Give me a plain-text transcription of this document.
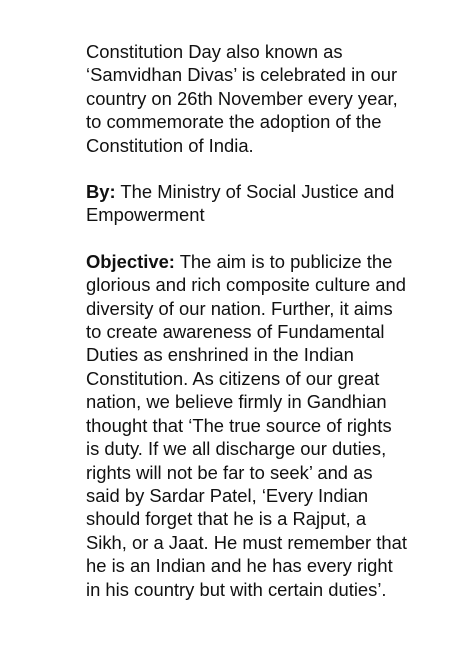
Constitution Day also known as
‘Samvidhan Divas’ is celebrated in our
country on 26th November every year,
to commemorate the adoption of the
Constitution of India.
By: The Ministry of Social Justice and
Empowerment
Objective: The aim is to publicize the
glorious and rich composite culture and
diversity of our nation. Further, it aims
to create awareness of Fundamental
Duties as enshrined in the Indian
Constitution. As citizens of our great
nation, we believe firmly in Gandhian
thought that ‘The true source of rights
is duty. If we all discharge our duties,
rights will not be far to seek’ and as
said by Sardar Patel, ‘Every Indian
should forget that he is a Rajput, a
Sikh, or a Jaat. He must remember that
he is an Indian and he has every right
in his country but with certain duties’.
